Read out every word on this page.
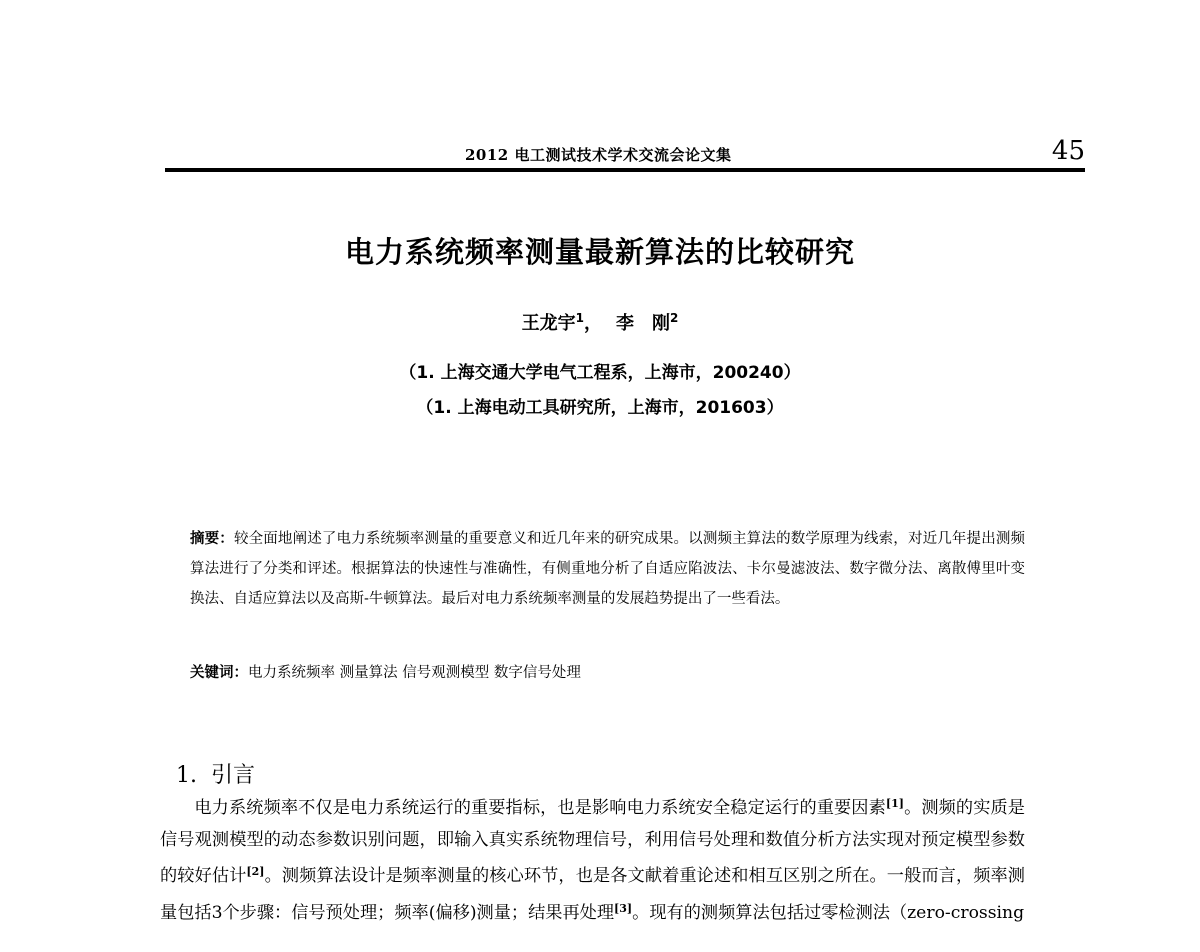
2012 电工测试技术学术交流会论文集	45
电力系统频率测量最新算法的比较研究
王龙宇$^1$， 李　刚$^2$
（1. 上海交通大学电气工程系，上海市，200240）
（1. 上海电动工具研究所，上海市，201603）
摘要：较全面地阐述了电力系统频率测量的重要意义和近几年来的研究成果。以测频主算法的数学原理为线索，对近几年提出测频算法进行了分类和评述。根据算法的快速性与准确性，有侧重地分析了自适应陷波法、卡尔曼滤波法、数字微分法、离散傅里叶变换法、自适应算法以及高斯-牛顿算法。最后对电力系统频率测量的发展趋势提出了一些看法。
关键词：电力系统频率 测量算法 信号观测模型 数字信号处理
1. 引言
电力系统频率不仅是电力系统运行的重要指标，也是影响电力系统安全稳定运行的重要因素[1]。测频的实质是信号观测模型的动态参数识别问题，即输入真实系统物理信号，利用信号处理和数值分析方法实现对预定模型参数的较好估计[2]。测频算法设计是频率测量的核心环节，也是各文献着重论述和相互区别之所在。一般而言，频率测量包括3个步骤：信号预处理；频率(偏移)测量；结果再处理[3]。现有的测频算法包括过零检测法（zero-crossing
